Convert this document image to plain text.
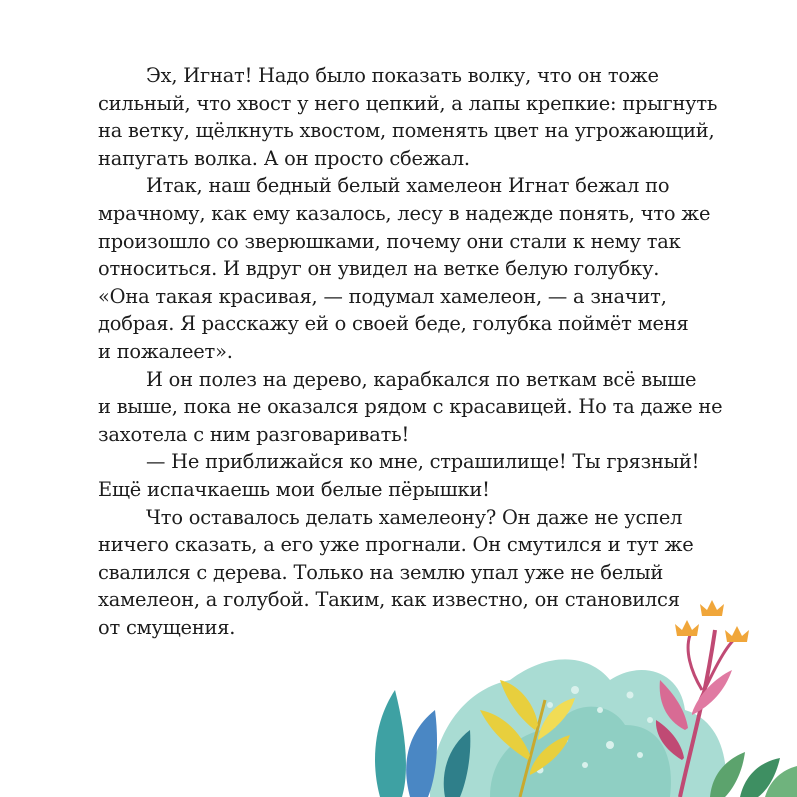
Эх, Игнат! Надо было показать волку, что он тоже
сильный, что хвост у него цепкий, а лапы крепкие: прыгнуть
на ветку, щёлкнуть хвостом, поменять цвет на угрожающий,
напугать волка. А он просто сбежал.
Итак, наш бедный белый хамелеон Игнат бежал по
мрачному, как ему казалось, лесу в надежде понять, что же
произошло со зверюшками, почему они стали к нему так
относиться. И вдруг он увидел на ветке белую голубку.
«Она такая красивая, — подумал хамелеон, — а значит,
добрая. Я расскажу ей о своей беде, голубка поймёт меня
и пожалеет».
И он полез на дерево, карабкался по веткам всё выше
и выше, пока не оказался рядом с красавицей. Но та даже не
захотела с ним разговаривать!
— Не приближайся ко мне, страшилище! Ты грязный!
Ещё испачкаешь мои белые пёрышки!
Что оставалось делать хамелеону? Он даже не успел
ничего сказать, а его уже прогнали. Он смутился и тут же
свалился с дерева. Только на землю упал уже не белый
хамелеон, а голубой. Таким, как известно, он становился
от смущения.
